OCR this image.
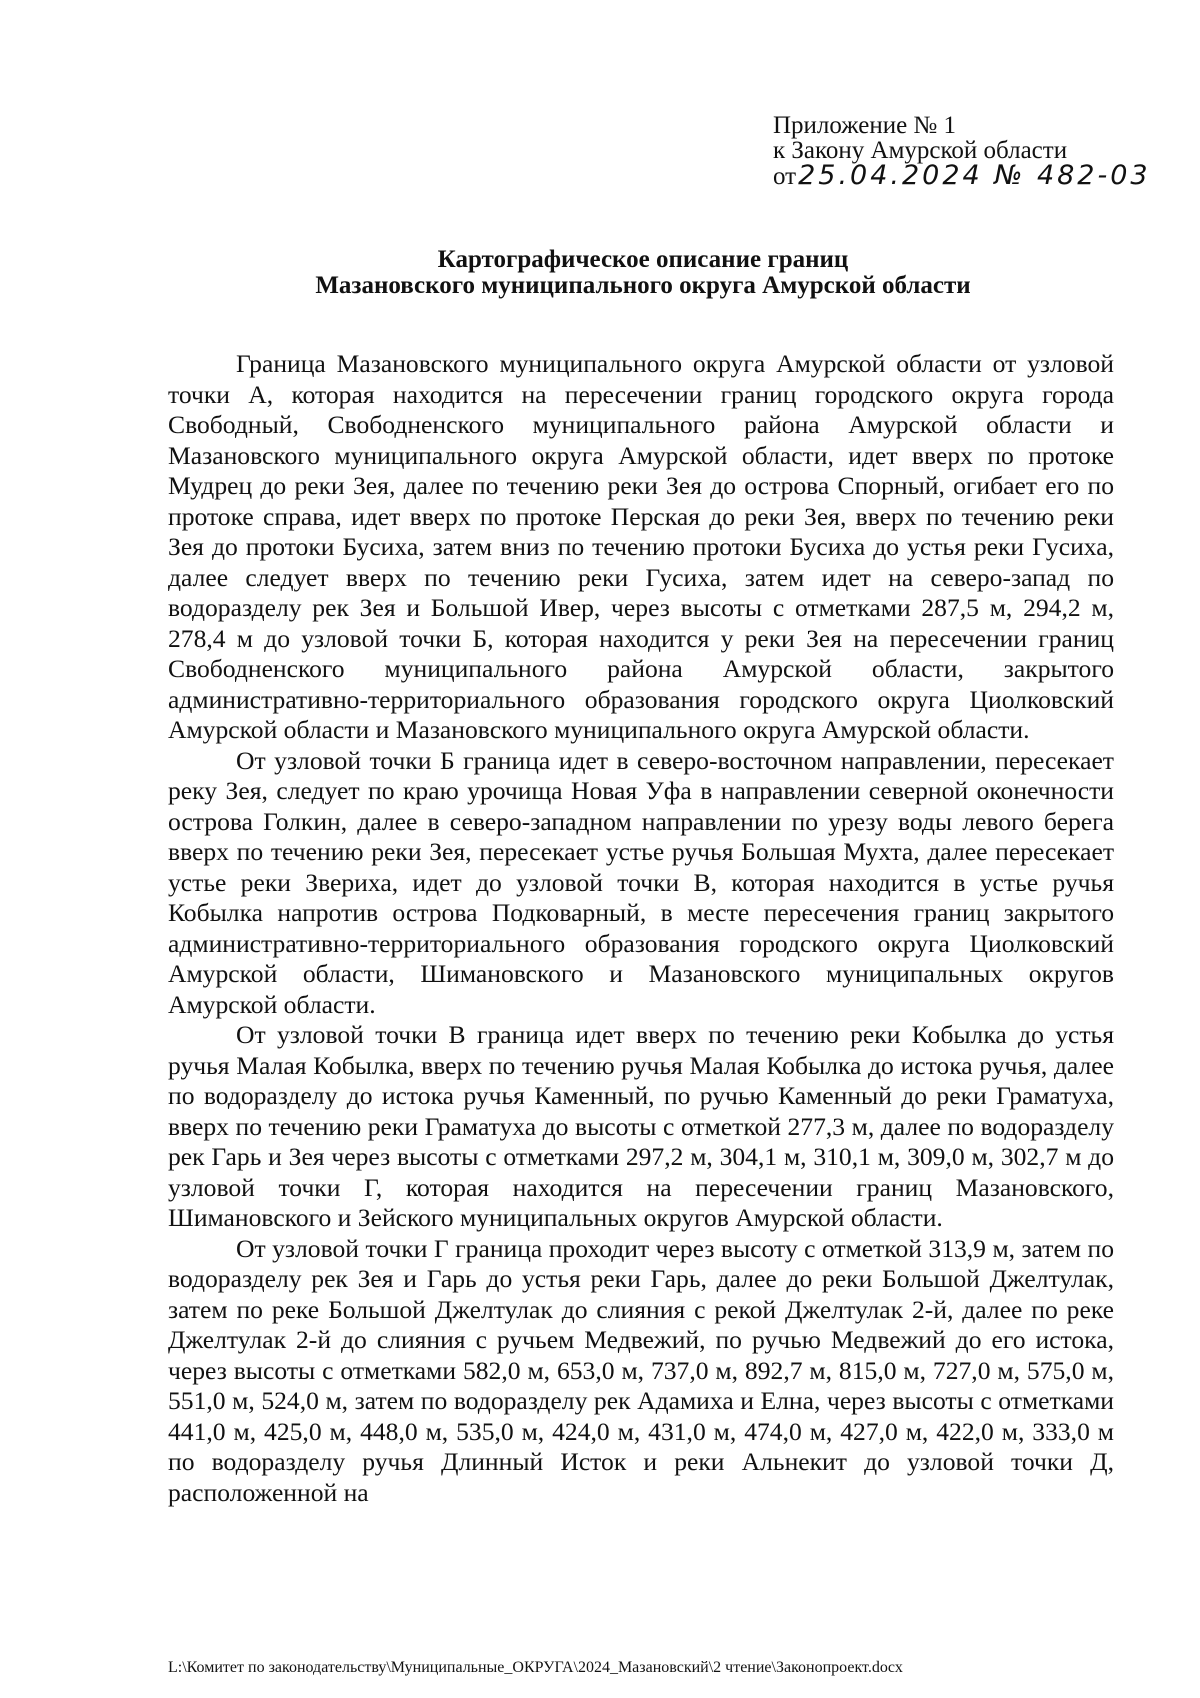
Приложение № 1
к Закону Амурской области
от25.04.2024 № 482-03
Картографическое описание границ
Мазановского муниципального округа Амурской области

Граница Мазановского муниципального округа Амурской области от узловой точки А, которая находится на пересечении границ городского округа города Свободный, Свободненского муниципального района Амурской области и Мазановского муниципального округа Амурской области, идет вверх по протоке Мудрец до реки Зея, далее по течению реки Зея до острова Спорный, огибает его по протоке справа, идет вверх по протоке Перская до реки Зея, вверх по течению реки Зея до протоки Бусиха, затем вниз по течению протоки Бусиха до устья реки Гусиха, далее следует вверх по течению реки Гусиха, затем идет на северо-запад по водоразделу рек Зея и Большой Ивер, через высоты с отметками 287,5 м, 294,2 м, 278,4 м до узловой точки Б, которая находится у реки Зея на пересечении границ Свободненского муниципального района Амурской области, закрытого административно-территориального образования городского округа Циолковский Амурской области и Мазановского муниципального округа Амурской области.

От узловой точки Б граница идет в северо-восточном направлении, пересекает реку Зея, следует по краю урочища Новая Уфа в направлении северной оконечности острова Голкин, далее в северо-западном направлении по урезу воды левого берега вверх по течению реки Зея, пересекает устье ручья Большая Мухта, далее пересекает устье реки Звериха, идет до узловой точки В, которая находится в устье ручья Кобылка напротив острова Подковарный, в месте пересечения границ закрытого административно-территориального образования городского округа Циолковский Амурской области, Шимановского и Мазановского муниципальных округов Амурской области.

От узловой точки В граница идет вверх по течению реки Кобылка до устья ручья Малая Кобылка, вверх по течению ручья Малая Кобылка до истока ручья, далее по водоразделу до истока ручья Каменный, по ручью Каменный до реки Граматуха, вверх по течению реки Граматуха до высоты с отметкой 277,3 м, далее по водоразделу рек Гарь и Зея через высоты с отметками 297,2 м, 304,1 м, 310,1 м, 309,0 м, 302,7 м до узловой точки Г, которая находится на пересечении границ Мазановского, Шимановского и Зейского муниципальных округов Амурской области.

От узловой точки Г граница проходит через высоту с отметкой 313,9 м, затем по водоразделу рек Зея и Гарь до устья реки Гарь, далее до реки Большой Джелтулак, затем по реке Большой Джелтулак до слияния с рекой Джелтулак 2-й, далее по реке Джелтулак 2-й до слияния с ручьем Медвежий, по ручью Медвежий до его истока, через высоты с отметками 582,0 м, 653,0 м, 737,0 м, 892,7 м, 815,0 м, 727,0 м, 575,0 м, 551,0 м, 524,0 м, затем по водоразделу рек Адамиха и Елна, через высоты с отметками 441,0 м, 425,0 м, 448,0 м, 535,0 м, 424,0 м, 431,0 м, 474,0 м, 427,0 м, 422,0 м, 333,0 м по водоразделу ручья Длинный Исток и реки Альнекит до узловой точки Д, расположенной на

L:\Комитет по законодательству\Муниципальные_ОКРУГА\2024_Мазановский\2 чтение\Законопроект.docx
